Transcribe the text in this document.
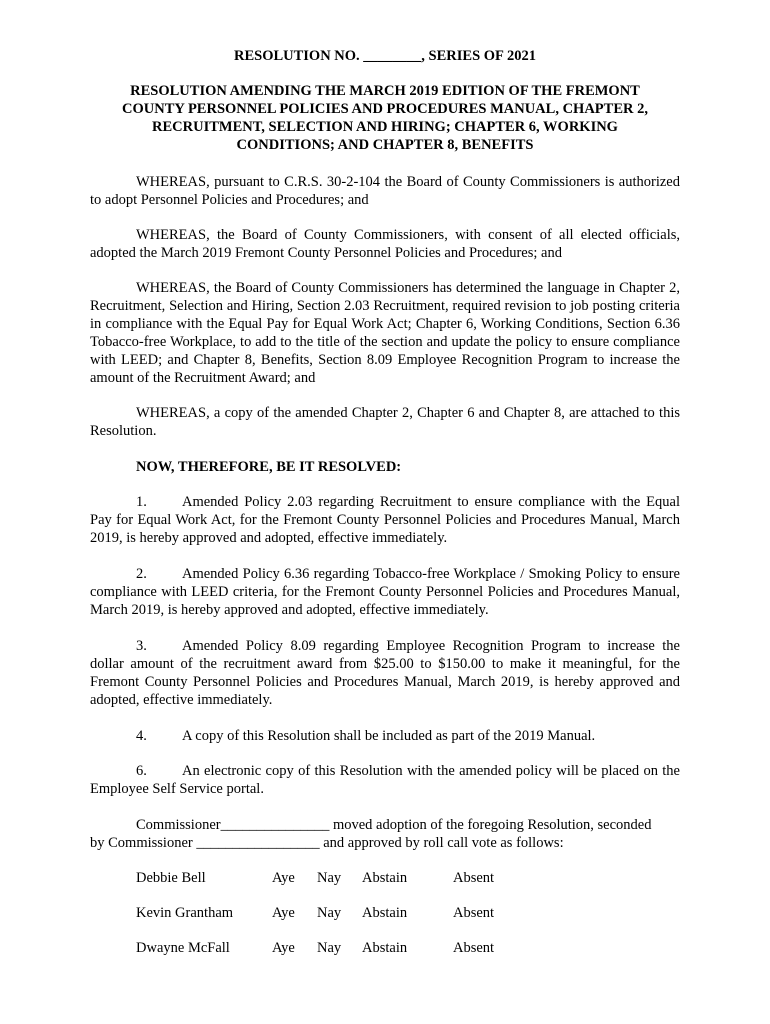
RESOLUTION NO. ________, SERIES OF 2021

RESOLUTION AMENDING THE MARCH 2019 EDITION OF THE FREMONT
COUNTY PERSONNEL POLICIES AND PROCEDURES MANUAL, CHAPTER 2,
RECRUITMENT, SELECTION AND HIRING; CHAPTER 6, WORKING
CONDITIONS; AND CHAPTER 8, BENEFITS

WHEREAS, pursuant to C.R.S. 30-2-104 the Board of County Commissioners is authorized to adopt Personnel Policies and Procedures; and

WHEREAS, the Board of County Commissioners, with consent of all elected officials, adopted the March 2019 Fremont County Personnel Policies and Procedures; and

WHEREAS, the Board of County Commissioners has determined the language in Chapter 2, Recruitment, Selection and Hiring, Section 2.03 Recruitment, required revision to job posting criteria in compliance with the Equal Pay for Equal Work Act; Chapter 6, Working Conditions, Section 6.36 Tobacco-free Workplace, to add to the title of the section and update the policy to ensure compliance with LEED; and Chapter 8, Benefits, Section 8.09 Employee Recognition Program to increase the amount of the Recruitment Award; and

WHEREAS, a copy of the amended Chapter 2, Chapter 6 and Chapter 8, are attached to this Resolution.

NOW, THEREFORE, BE IT RESOLVED:

1. Amended Policy 2.03 regarding Recruitment to ensure compliance with the Equal Pay for Equal Work Act, for the Fremont County Personnel Policies and Procedures Manual, March 2019, is hereby approved and adopted, effective immediately.

2. Amended Policy 6.36 regarding Tobacco-free Workplace / Smoking Policy to ensure compliance with LEED criteria, for the Fremont County Personnel Policies and Procedures Manual, March 2019, is hereby approved and adopted, effective immediately.

3. Amended Policy 8.09 regarding Employee Recognition Program to increase the dollar amount of the recruitment award from $25.00 to $150.00 to make it meaningful, for the Fremont County Personnel Policies and Procedures Manual, March 2019, is hereby approved and adopted, effective immediately.

4. A copy of this Resolution shall be included as part of the 2019 Manual.

6. An electronic copy of this Resolution with the amended policy will be placed on the Employee Self Service portal.

Commissioner_______________ moved adoption of the foregoing Resolution, seconded
by Commissioner _________________ and approved by roll call vote as follows:
Debbie Bell	Aye Nay Abstain	Absent
Kevin Grantham	Aye Nay Abstain	Absent
Dwayne McFall	Aye Nay Abstain	Absent
